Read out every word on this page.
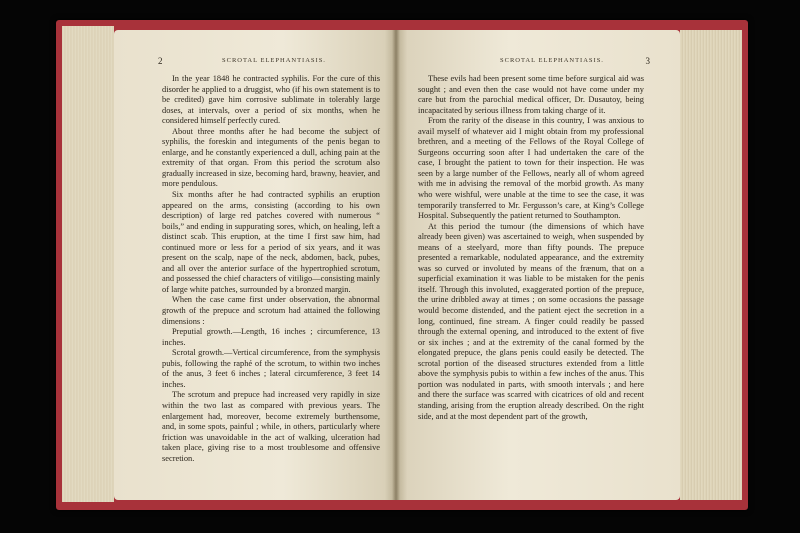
2	SCROTAL ELEPHANTIASIS.

In the year 1848 he contracted syphilis. For the cure of this disorder he applied to a druggist, who (if his own statement is to be credited) gave him corrosive sublimate in tolerably large doses, at intervals, over a period of six months, when he considered himself perfectly cured.

About three months after he had become the subject of syphilis, the foreskin and integuments of the penis began to enlarge, and he constantly experienced a dull, aching pain at the extremity of that organ. From this period the scrotum also gradually increased in size, becoming hard, brawny, heavier, and more pendulous.

Six months after he had contracted syphilis an eruption appeared on the arms, consisting (according to his own description) of large red patches covered with numerous “ boils,” and ending in suppurating sores, which, on healing, left a distinct scab. This eruption, at the time I first saw him, had continued more or less for a period of six years, and it was present on the scalp, nape of the neck, abdomen, back, pubes, and all over the anterior surface of the hypertrophied scrotum, and possessed the chief characters of vitiligo—consisting mainly of large white patches, surrounded by a bronzed margin.

When the case came first under observation, the abnormal growth of the prepuce and scrotum had attained the following dimensions :

Preputial growth.—Length, 16 inches ; circumference, 13 inches.

Scrotal growth.—Vertical circumference, from the symphysis pubis, following the raphé of the scrotum, to within two inches of the anus, 3 feet 6 inches ; lateral circumference, 3 feet 14 inches.

The scrotum and prepuce had increased very rapidly in size within the two last as compared with previous years. The enlargement had, moreover, become extremely burthensome, and, in some spots, painful ; while, in others, particularly where friction was unavoidable in the act of walking, ulceration had taken place, giving rise to a most troublesome and offensive secretion.

SCROTAL ELEPHANTIASIS.	3

These evils had been present some time before surgical aid was sought ; and even then the case would not have come under my care but from the parochial medical officer, Dr. Dusautoy, being incapacitated by serious illness from taking charge of it.

From the rarity of the disease in this country, I was anxious to avail myself of whatever aid I might obtain from my professional brethren, and a meeting of the Fellows of the Royal College of Surgeons occurring soon after I had undertaken the care of the case, I brought the patient to town for their inspection. He was seen by a large number of the Fellows, nearly all of whom agreed with me in advising the removal of the morbid growth. As many who were wishful, were unable at the time to see the case, it was temporarily transferred to Mr. Fergusson’s care, at King’s College Hospital. Subsequently the patient returned to Southampton.

At this period the tumour (the dimensions of which have already been given) was ascertained to weigh, when suspended by means of a steelyard, more than fifty pounds. The prepuce presented a remarkable, nodulated appearance, and the extremity was so curved or involuted by means of the frænum, that on a superficial examination it was liable to be mistaken for the penis itself. Through this involuted, exaggerated portion of the prepuce, the urine dribbled away at times ; on some occasions the passage would become distended, and the patient eject the secretion in a long, continued, fine stream. A finger could readily be passed through the external opening, and introduced to the extent of five or six inches ; and at the extremity of the canal formed by the elongated prepuce, the glans penis could easily be detected. The scrotal portion of the diseased structures extended from a little above the symphysis pubis to within a few inches of the anus. This portion was nodulated in parts, with smooth intervals ; and here and there the surface was scarred with cicatrices of old and recent standing, arising from the eruption already described. On the right side, and at the most dependent part of the growth,
